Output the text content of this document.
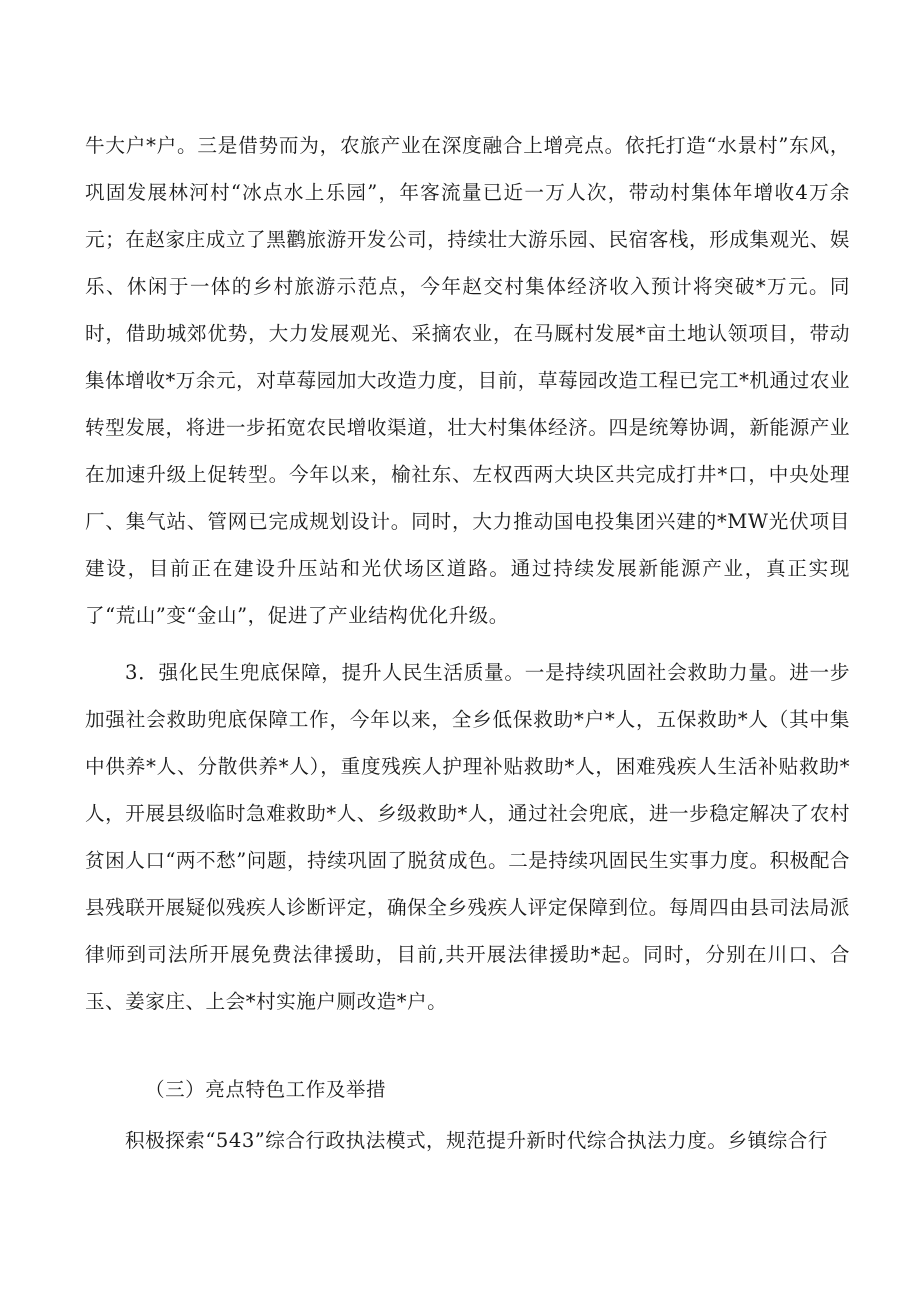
牛大户*户。三是借势而为，农旅产业在深度融合上增亮点。依托打造“水景村”东风，巩固发展林河村“冰点水上乐园”，年客流量已近一万人次，带动村集体年增收4万余元；在赵家庄成立了黑鹳旅游开发公司，持续壮大游乐园、民宿客栈，形成集观光、娱乐、休闲于一体的乡村旅游示范点，今年赵交村集体经济收入预计将突破*万元。同时，借助城郊优势，大力发展观光、采摘农业，在马厩村发展*亩土地认领项目，带动集体增收*万余元，对草莓园加大改造力度，目前，草莓园改造工程已完工*机通过农业转型发展，将进一步拓宽农民增收渠道，壮大村集体经济。四是统筹协调，新能源产业在加速升级上促转型。今年以来，榆社东、左权西两大块区共完成打井*口，中央处理厂、集气站、管网已完成规划设计。同时，大力推动国电投集团兴建的*MW光伏项目建设，目前正在建设升压站和光伏场区道路。通过持续发展新能源产业，真正实现了“荒山”变“金山”，促进了产业结构优化升级。

3．强化民生兜底保障，提升人民生活质量。一是持续巩固社会救助力量。进一步加强社会救助兜底保障工作，今年以来，全乡低保救助*户*人，五保救助*人（其中集中供养*人、分散供养*人），重度残疾人护理补贴救助*人，困难残疾人生活补贴救助*人，开展县级临时急难救助*人、乡级救助*人，通过社会兜底，进一步稳定解决了农村贫困人口“两不愁”问题，持续巩固了脱贫成色。二是持续巩固民生实事力度。积极配合县残联开展疑似残疾人诊断评定，确保全乡残疾人评定保障到位。每周四由县司法局派律师到司法所开展免费法律援助，目前,共开展法律援助*起。同时，分别在川口、合玉、姜家庄、上会*村实施户厕改造*户。

（三）亮点特色工作及举措

积极探索“543”综合行政执法模式，规范提升新时代综合执法力度。乡镇综合行
